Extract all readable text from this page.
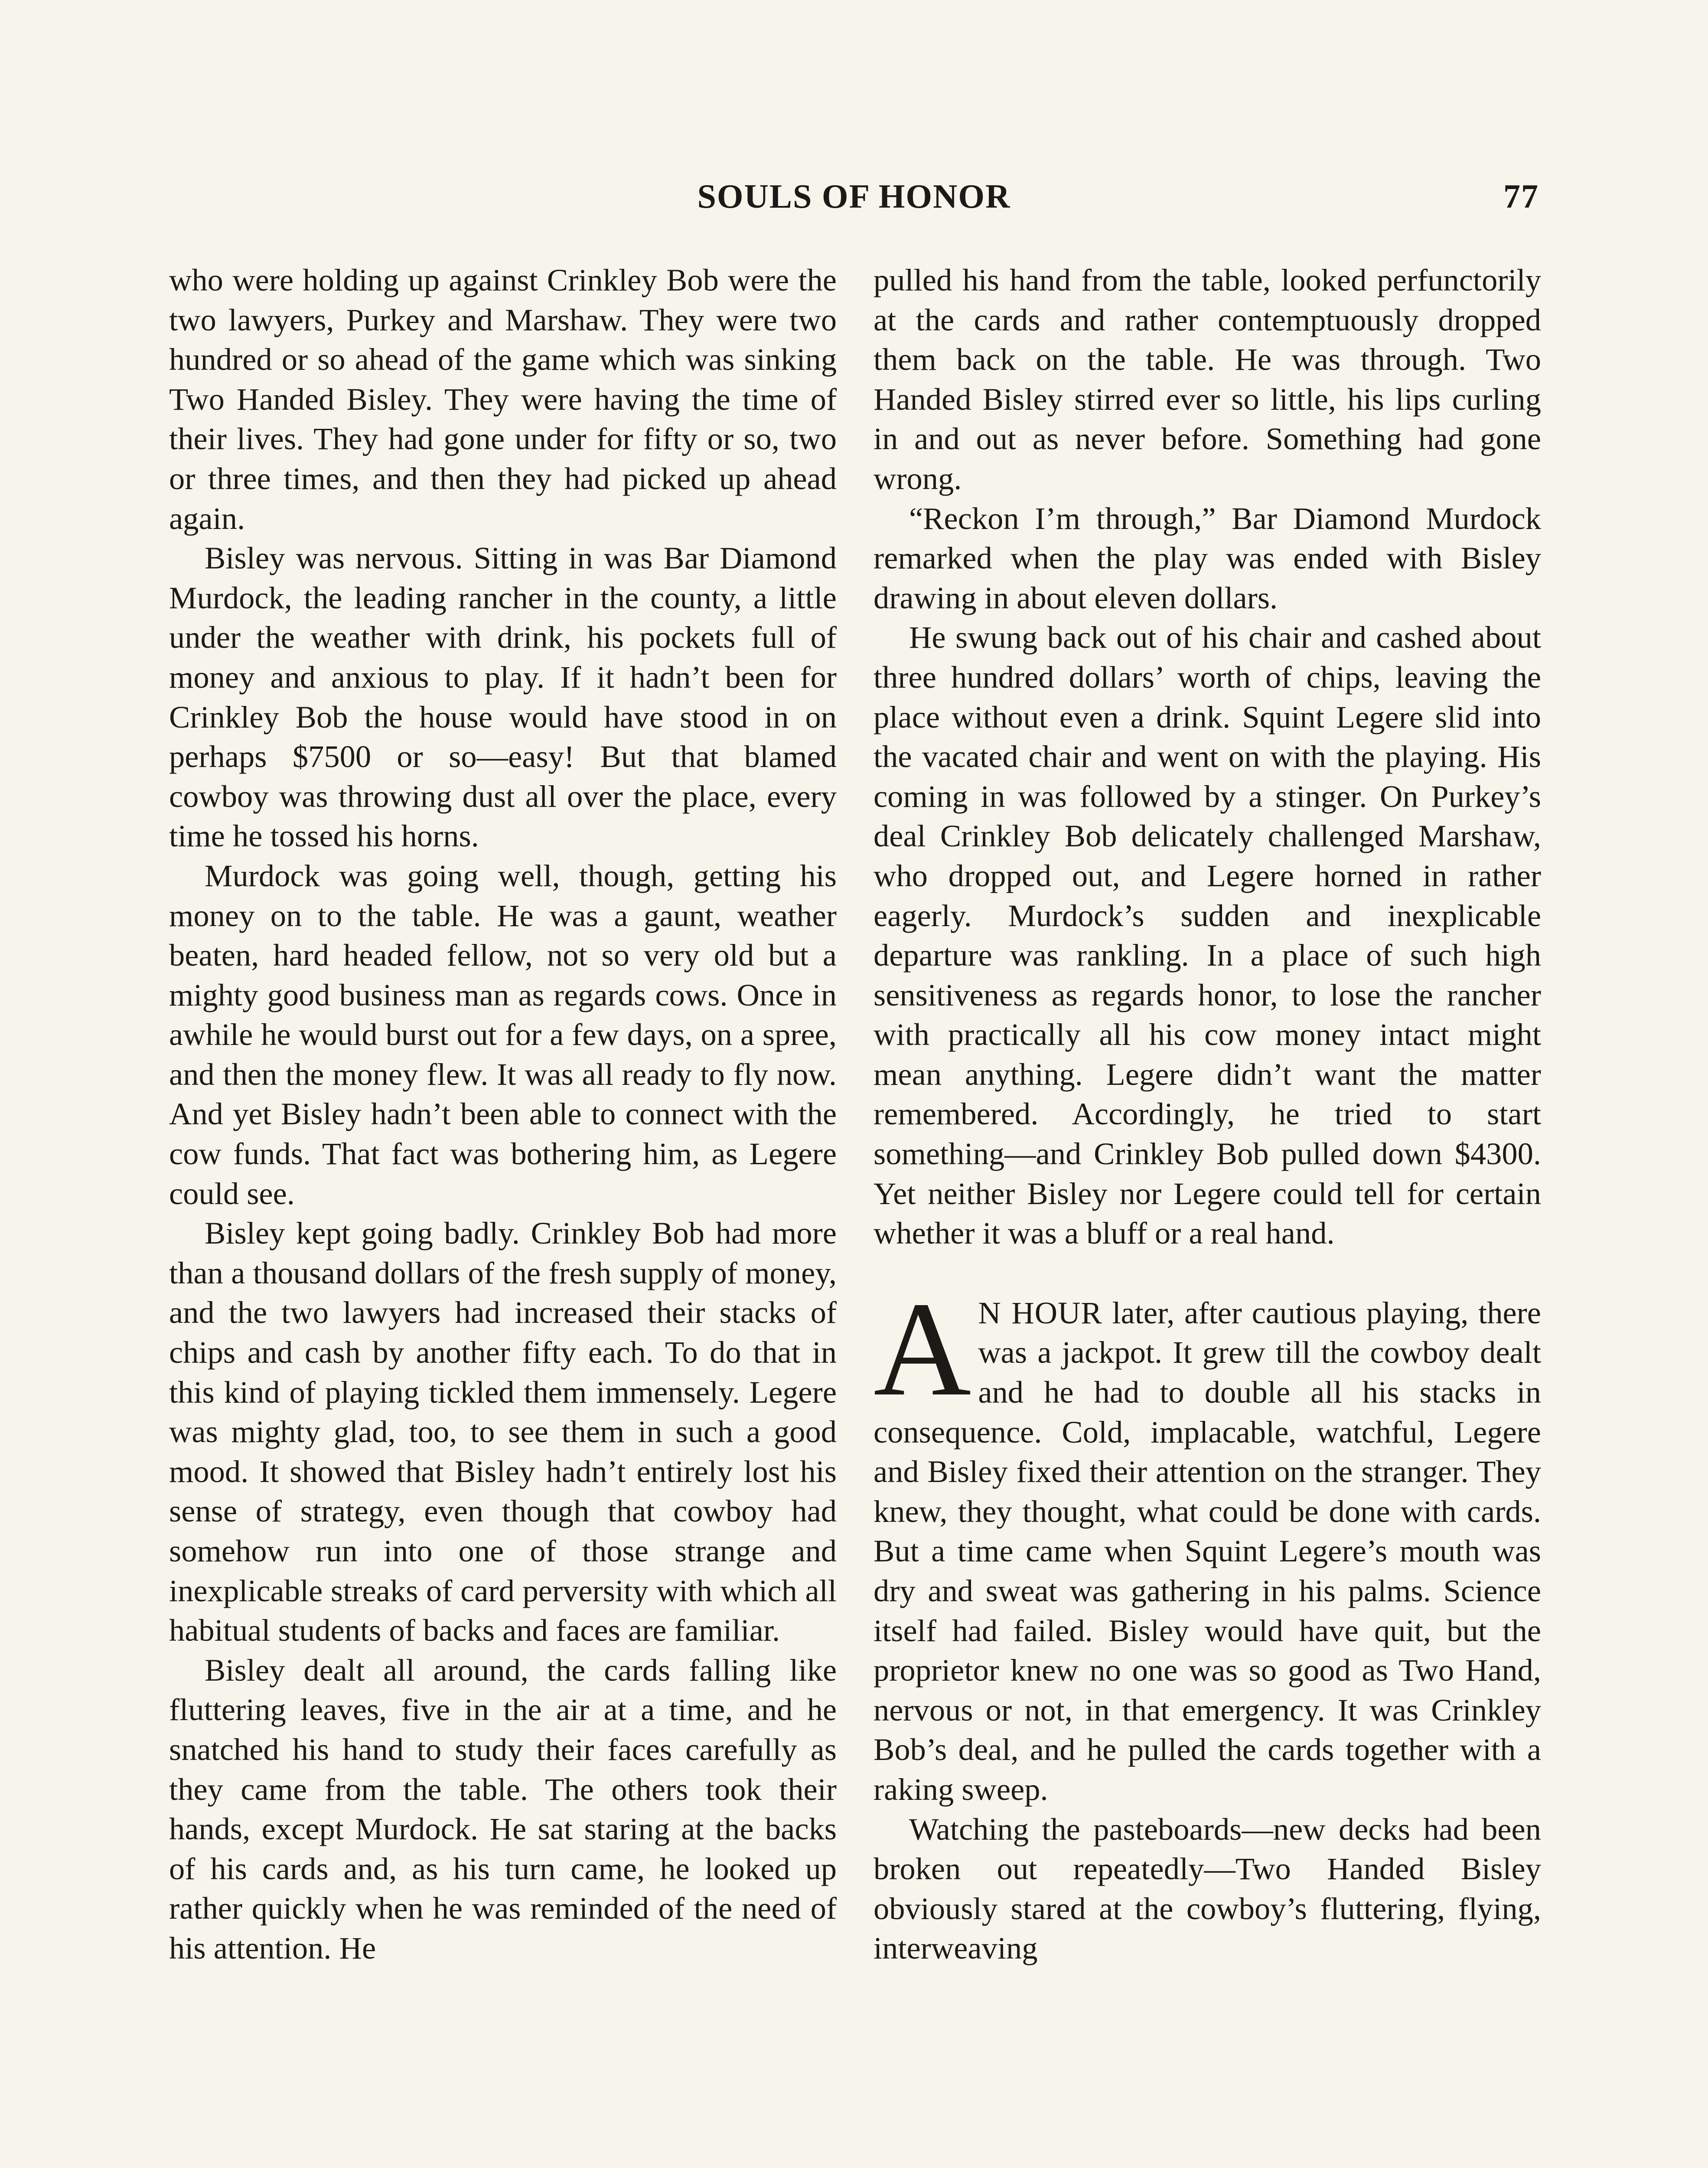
SOULS OF HONOR	77

who were holding up against Crinkley Bob were the two lawyers, Purkey and Marshaw. They were two hundred or so ahead of the game which was sinking Two Handed Bisley. They were having the time of their lives. They had gone under for fifty or so, two or three times, and then they had picked up ahead again.

Bisley was nervous. Sitting in was Bar Diamond Murdock, the leading rancher in the county, a little under the weather with drink, his pockets full of money and anxious to play. If it hadn’t been for Crinkley Bob the house would have stood in on perhaps $7500 or so—easy! But that blamed cowboy was throwing dust all over the place, every time he tossed his horns.

Murdock was going well, though, getting his money on to the table. He was a gaunt, weather beaten, hard headed fellow, not so very old but a mighty good business man as regards cows. Once in awhile he would burst out for a few days, on a spree, and then the money flew. It was all ready to fly now. And yet Bisley hadn’t been able to connect with the cow funds. That fact was bothering him, as Legere could see.

Bisley kept going badly. Crinkley Bob had more than a thousand dollars of the fresh supply of money, and the two lawyers had increased their stacks of chips and cash by another fifty each. To do that in this kind of playing tickled them immensely. Legere was mighty glad, too, to see them in such a good mood. It showed that Bisley hadn’t entirely lost his sense of strategy, even though that cowboy had somehow run into one of those strange and inexplicable streaks of card perversity with which all habitual students of backs and faces are familiar.

Bisley dealt all around, the cards falling like fluttering leaves, five in the air at a time, and he snatched his hand to study their faces carefully as they came from the table. The others took their hands, except Murdock. He sat staring at the backs of his cards and, as his turn came, he looked up rather quickly when he was reminded of the need of his attention. He

pulled his hand from the table, looked perfunctorily at the cards and rather contemptuously dropped them back on the table. He was through. Two Handed Bisley stirred ever so little, his lips curling in and out as never before. Something had gone wrong.

“Reckon I’m through,” Bar Diamond Murdock remarked when the play was ended with Bisley drawing in about eleven dollars.

He swung back out of his chair and cashed about three hundred dollars’ worth of chips, leaving the place without even a drink. Squint Legere slid into the vacated chair and went on with the playing. His coming in was followed by a stinger. On Purkey’s deal Crinkley Bob delicately challenged Marshaw, who dropped out, and Legere horned in rather eagerly. Murdock’s sudden and inexplicable departure was rankling. In a place of such high sensitiveness as regards honor, to lose the rancher with practically all his cow money intact might mean anything. Legere didn’t want the matter remembered. Accordingly, he tried to start something—and Crinkley Bob pulled down $4300. Yet neither Bisley nor Legere could tell for certain whether it was a bluff or a real hand.

A N HOUR later, after cautious playing, there was a jackpot. It grew till the cowboy dealt and he had to double all his stacks in consequence. Cold, implacable, watchful, Legere and Bisley fixed their attention on the stranger. They knew, they thought, what could be done with cards. But a time came when Squint Legere’s mouth was dry and sweat was gathering in his palms. Science itself had failed. Bisley would have quit, but the proprietor knew no one was so good as Two Hand, nervous or not, in that emergency. It was Crinkley Bob’s deal, and he pulled the cards together with a raking sweep.

Watching the pasteboards—new decks had been broken out repeatedly—Two Handed Bisley obviously stared at the cowboy’s fluttering, flying, interweaving
